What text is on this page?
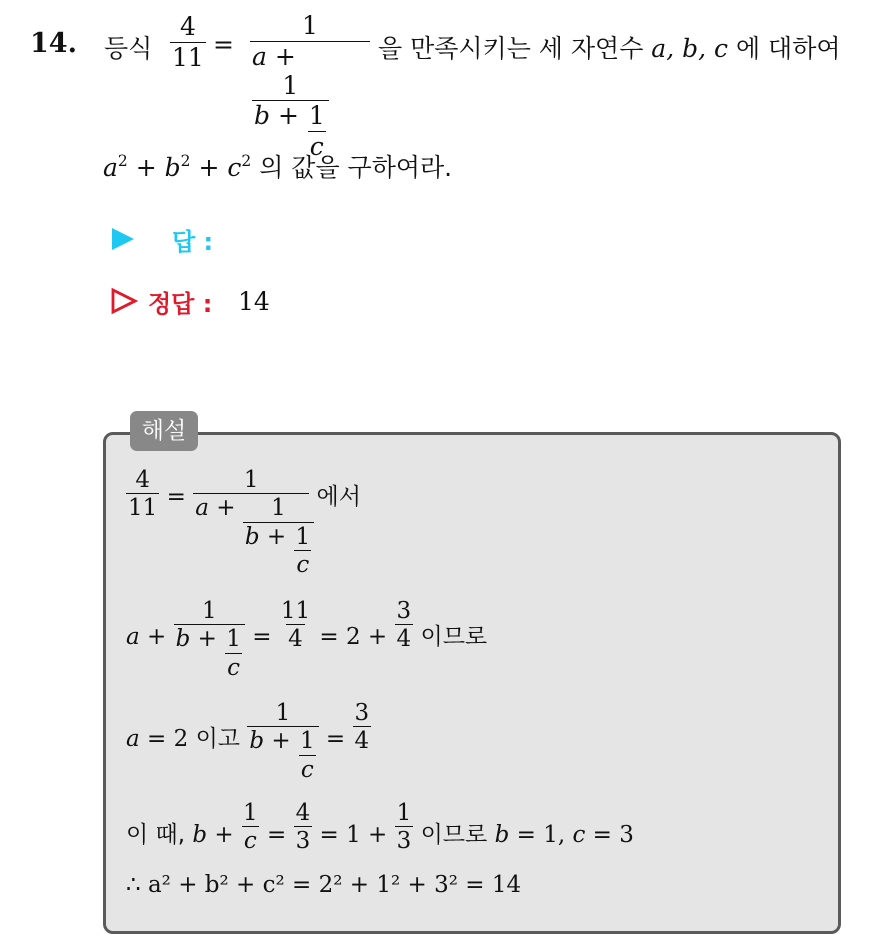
14. 등식 $\frac{4}{11} = 1$
a +
$\frac{1}{b + \frac{1}{c}}$ 을 만족시키는 세 자연수 a, b, c 에 대하여
$a^2 + b^2 + c^2$ 의 값을 구하여라.
답 :
정답 : 14
해설
$\frac{4}{11} = \frac{1}{a + \frac{1}{b + \frac{1}{c}}}$ 에서
$a + \frac{1}{b + \frac{1}{c}} = \frac{11}{4} = 2 + \frac{3}{4}$ 이므로
a = 2 이고 $\frac{1}{b + \frac{1}{c}} = \frac{3}{4}$
이 때, $b + \frac{1}{c} = \frac{4}{3} = 1 + \frac{1}{3}$ 이므로 b = 1, c = 3
∴ a² + b² + c² = 2² + 1² + 3² = 14
